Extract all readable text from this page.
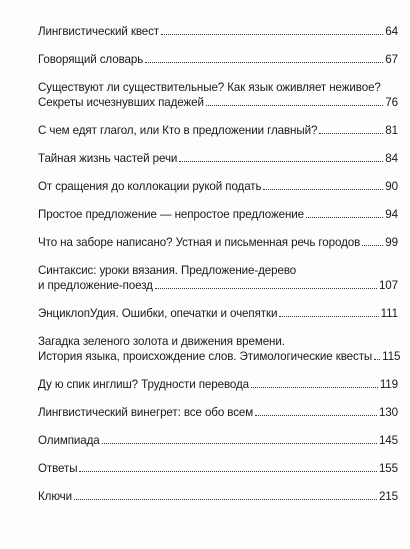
Лингвистический квест	64
Говорящий словарь	67
Существуют ли существительные? Как язык оживляет неживое?
Секреты исчезнувших падежей	76
С чем едят глагол, или Кто в предложении главный?	81
Тайная жизнь частей речи	84
От сращения до коллокации рукой подать	90
Простое предложение — непростое предложение	94
Что на заборе написано? Устная и письменная речь городов 99
Синтаксис: уроки вязания. Предложение-дерево
и предложение-поезд	107
ЭнциклопУдия. Ошибки, опечатки и очепятки	111
Загадка зеленого золота и движения времени.
История языка, происхождение слов. Этимологические квесты 115
Ду ю спик инглиш? Трудности перевода	119
Лингвистический винегрет: все обо всем	130
Олимпиада	145
Ответы	155
Ключи	215
